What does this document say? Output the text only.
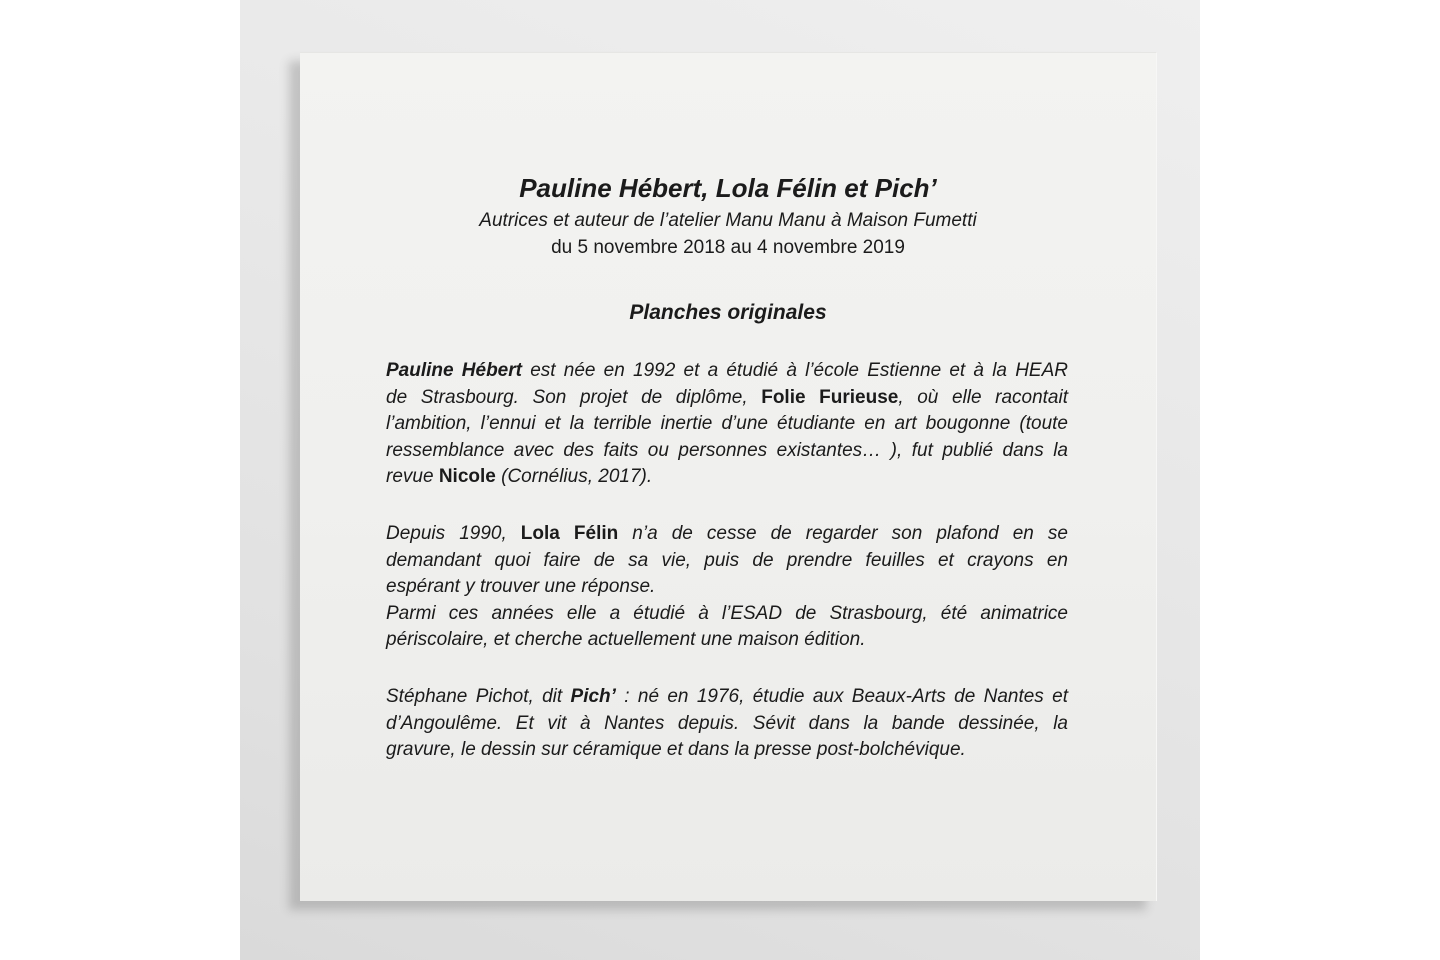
Pauline Hébert, Lola Félin et Pich’
Autrices et auteur de l’atelier Manu Manu à Maison Fumetti
du 5 novembre 2018 au 4 novembre 2019
Planches originales
Pauline Hébert est née en 1992 et a étudié à l’école Estienne et à la HEAR
de Strasbourg. Son projet de diplôme, Folie Furieuse, où elle racontait
l’ambition, l’ennui et la terrible inertie d’une étudiante en art bougonne (toute
ressemblance avec des faits ou personnes existantes… ), fut publié dans la
revue Nicole (Cornélius, 2017).
Depuis 1990, Lola Félin n’a de cesse de regarder son plafond en se
demandant quoi faire de sa vie, puis de prendre feuilles et crayons en
espérant y trouver une réponse.
Parmi ces années elle a étudié à l’ESAD de Strasbourg, été animatrice
périscolaire, et cherche actuellement une maison édition.
Stéphane Pichot, dit Pich’ : né en 1976, étudie aux Beaux-Arts de Nantes et
d’Angoulême. Et vit à Nantes depuis. Sévit dans la bande dessinée, la
gravure, le dessin sur céramique et dans la presse post-bolchévique.
